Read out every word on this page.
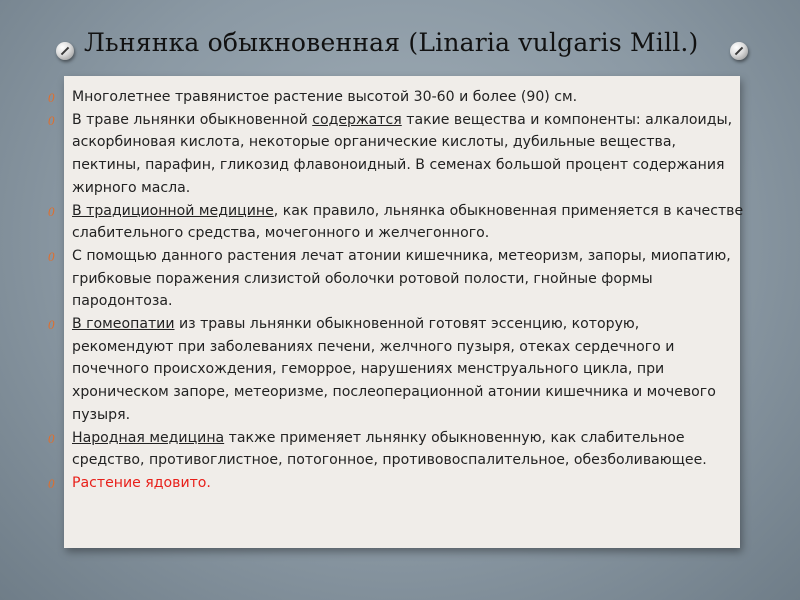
Льнянка обыкновенная (Linaria vulgaris Mill.)
0 Многолетнее травянистое растение высотой 30-60 и более (90) см.
0 В траве льнянки обыкновенной содержатся такие вещества и компоненты: алкалоиды, аскорбиновая кислота, некоторые органические кислоты, дубильные вещества, пектины, парафин, гликозид флавоноидный. В семенах большой процент содержания жирного масла.
0 В традиционной медицине, как правило, льнянка обыкновенная применяется в качестве слабительного средства, мочегонного и желчегонного.
0 С помощью данного растения лечат атонии кишечника, метеоризм, запоры, миопатию, грибковые поражения слизистой оболочки ротовой полости, гнойные формы пародонтоза.
0 В гомеопатии из травы льнянки обыкновенной готовят эссенцию, которую, рекомендуют при заболеваниях печени, желчного пузыря, отеках сердечного и почечного происхождения, геморрое, нарушениях менструального цикла, при хроническом запоре, метеоризме, послеоперационной атонии кишечника и мочевого пузыря.
0 Народная медицина также применяет льнянку обыкновенную, как слабительное средство, противоглистное, потогонное, противовоспалительное, обезболивающее.
0 Растение ядовито.
